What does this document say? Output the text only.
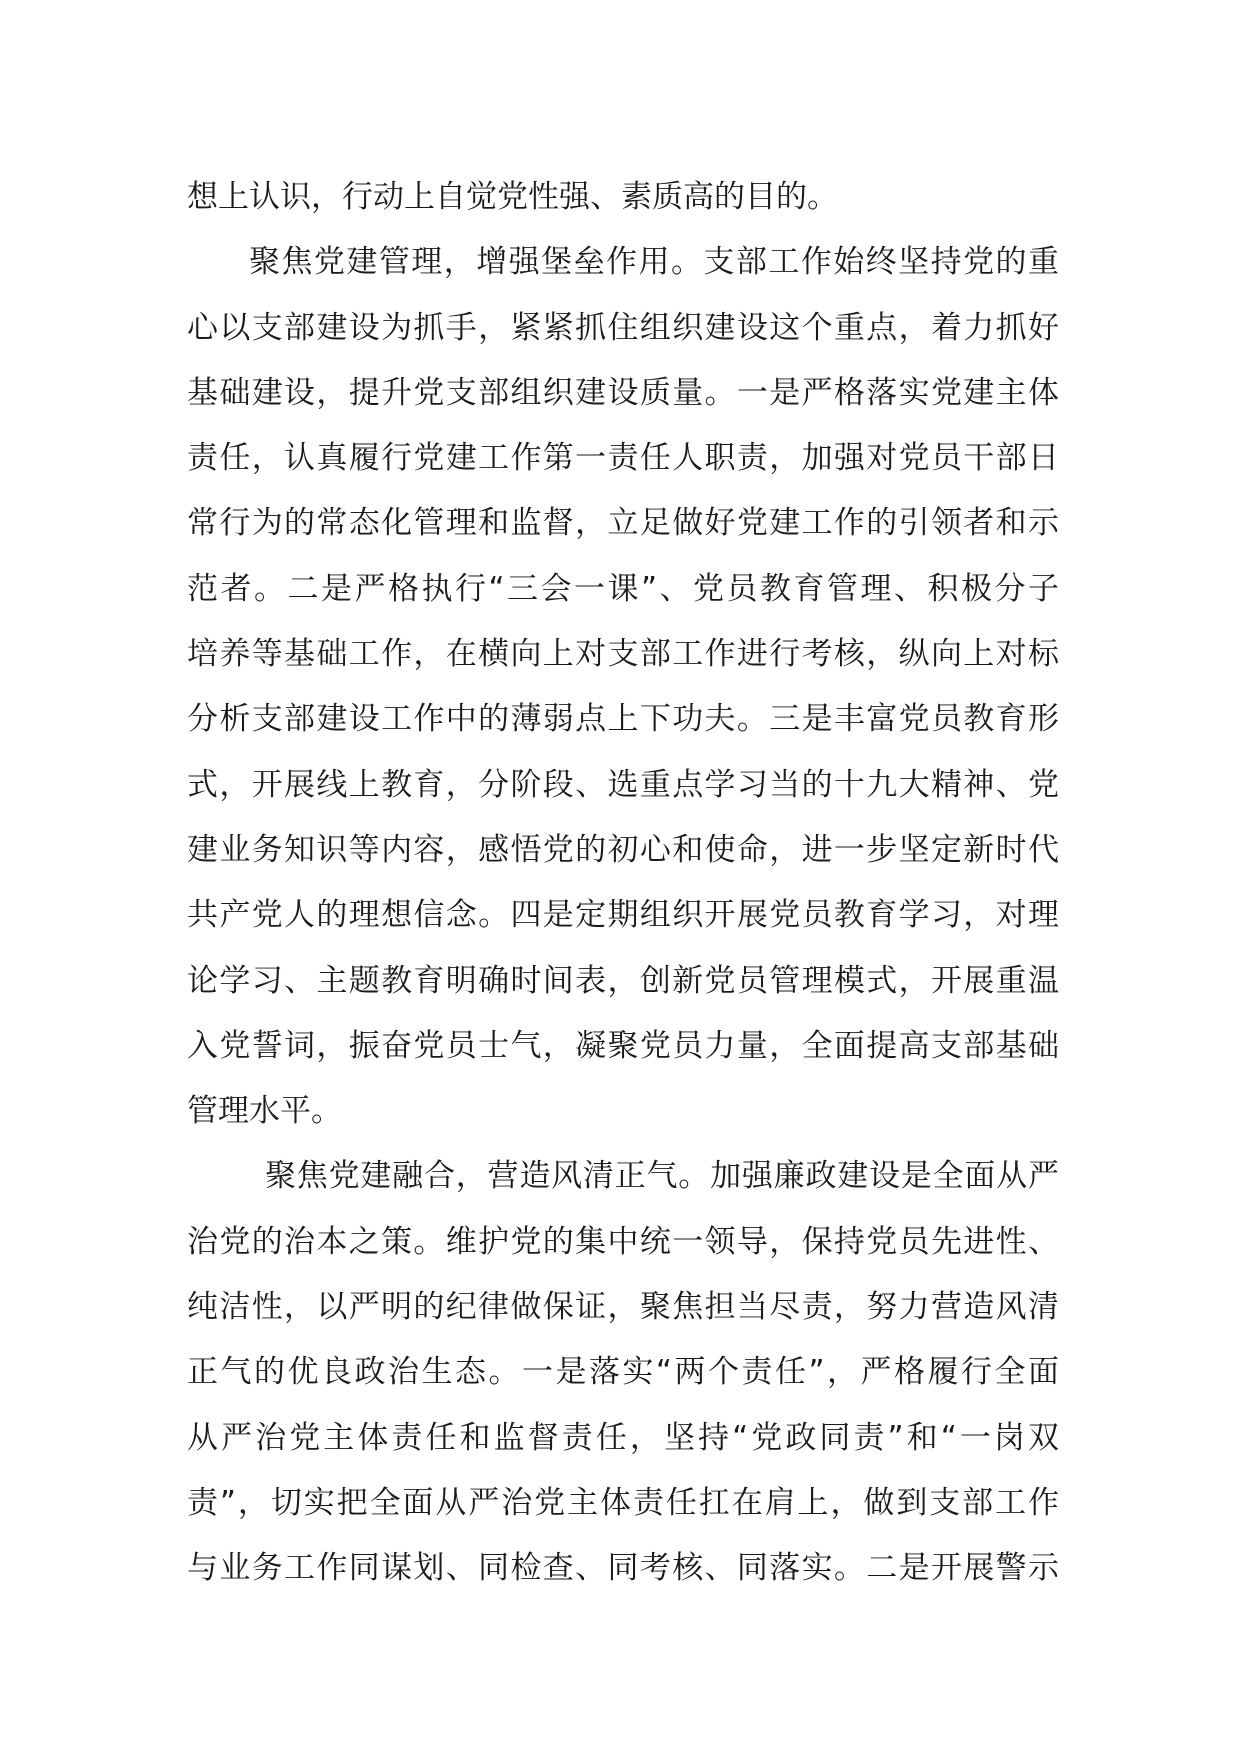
想上认识，行动上自觉党性强、素质高的目的。
聚焦党建管理，增强堡垒作用。支部工作始终坚持党的重
心以支部建设为抓手，紧紧抓住组织建设这个重点，着力抓好
基础建设，提升党支部组织建设质量。一是严格落实党建主体
责任，认真履行党建工作第一责任人职责，加强对党员干部日
常行为的常态化管理和监督，立足做好党建工作的引领者和示
范者。二是严格执行“三会一课”、党员教育管理、积极分子
培养等基础工作，在横向上对支部工作进行考核，纵向上对标
分析支部建设工作中的薄弱点上下功夫。三是丰富党员教育形
式，开展线上教育，分阶段、选重点学习当的十九大精神、党
建业务知识等内容，感悟党的初心和使命，进一步坚定新时代
共产党人的理想信念。四是定期组织开展党员教育学习，对理
论学习、主题教育明确时间表，创新党员管理模式，开展重温
入党誓词，振奋党员士气，凝聚党员力量，全面提高支部基础
管理水平。
聚焦党建融合，营造风清正气。加强廉政建设是全面从严
治党的治本之策。维护党的集中统一领导，保持党员先进性、
纯洁性，以严明的纪律做保证，聚焦担当尽责，努力营造风清
正气的优良政治生态。一是落实“两个责任”，严格履行全面
从严治党主体责任和监督责任，坚持“党政同责”和“一岗双
责”，切实把全面从严治党主体责任扛在肩上，做到支部工作
与业务工作同谋划、同检查、同考核、同落实。二是开展警示
